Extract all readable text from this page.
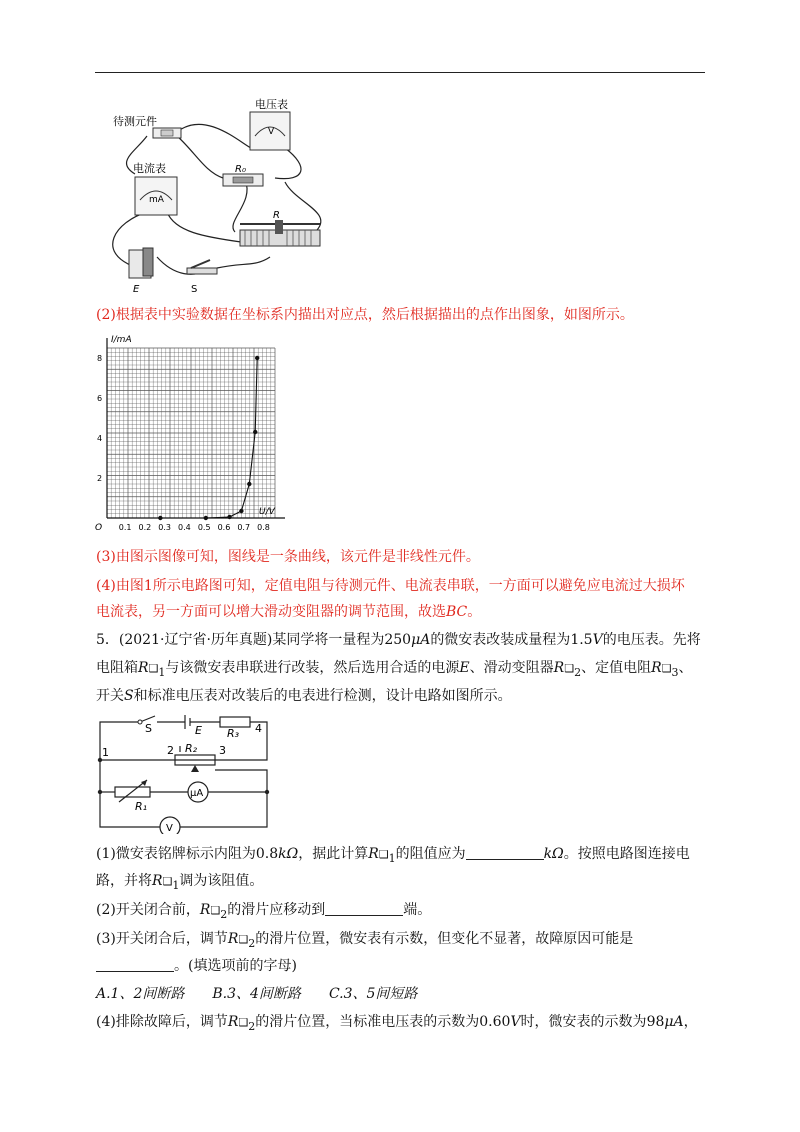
V
mA
待测元件
电压表
电流表	R₀
R
E	S
(2)根据表中实验数据在坐标系内描出对应点，然后根据描出的点作出图象，如图所示。
0.1 0.2 0.3 0.4 0.5 0.6 0.7 0.8
2
4
6
8
O
U/V
I/mA
(3)由图示图像可知，图线是一条曲线，该元件是非线性元件。
(4)由图1所示电路图可知，定值电阻与待测元件、电流表串联，一方面可以避免应电流过大损坏
电流表，另一方面可以增大滑动变阻器的调节范围，故选BC。
5．(2021·辽宁省·历年真题)某同学将一量程为250μA的微安表改装成量程为1.5V的电压表。先将
电阻箱$R❑_1$与该微安表串联进行改装，然后选用合适的电源E、滑动变阻器$R❑_2$、定值电阻$R❑_3$、
开关S和标准电压表对改装后的电表进行检测，设计电路如图所示。
S	E R₃ 4
1	2 R₂ 3
R₁
μA
V
(1)微安表铭牌标示内阻为0.8kΩ，据此计算$R❑_1$的阻值应为	kΩ。按照电路图连接电
路，并将$R❑_1$调为该阻值。
(2)开关闭合前，$R❑_2$的滑片应移动到	端。
(3)开关闭合后，调节$R❑_2$的滑片位置，微安表有示数，但变化不显著，故障原因可能是
。(填选项前的字母)
A.1、2间断路 B.3、4间断路 C.3、5间短路
(4)排除故障后，调节$R❑_2$的滑片位置，当标准电压表的示数为0.60V时，微安表的示数为98μA，
